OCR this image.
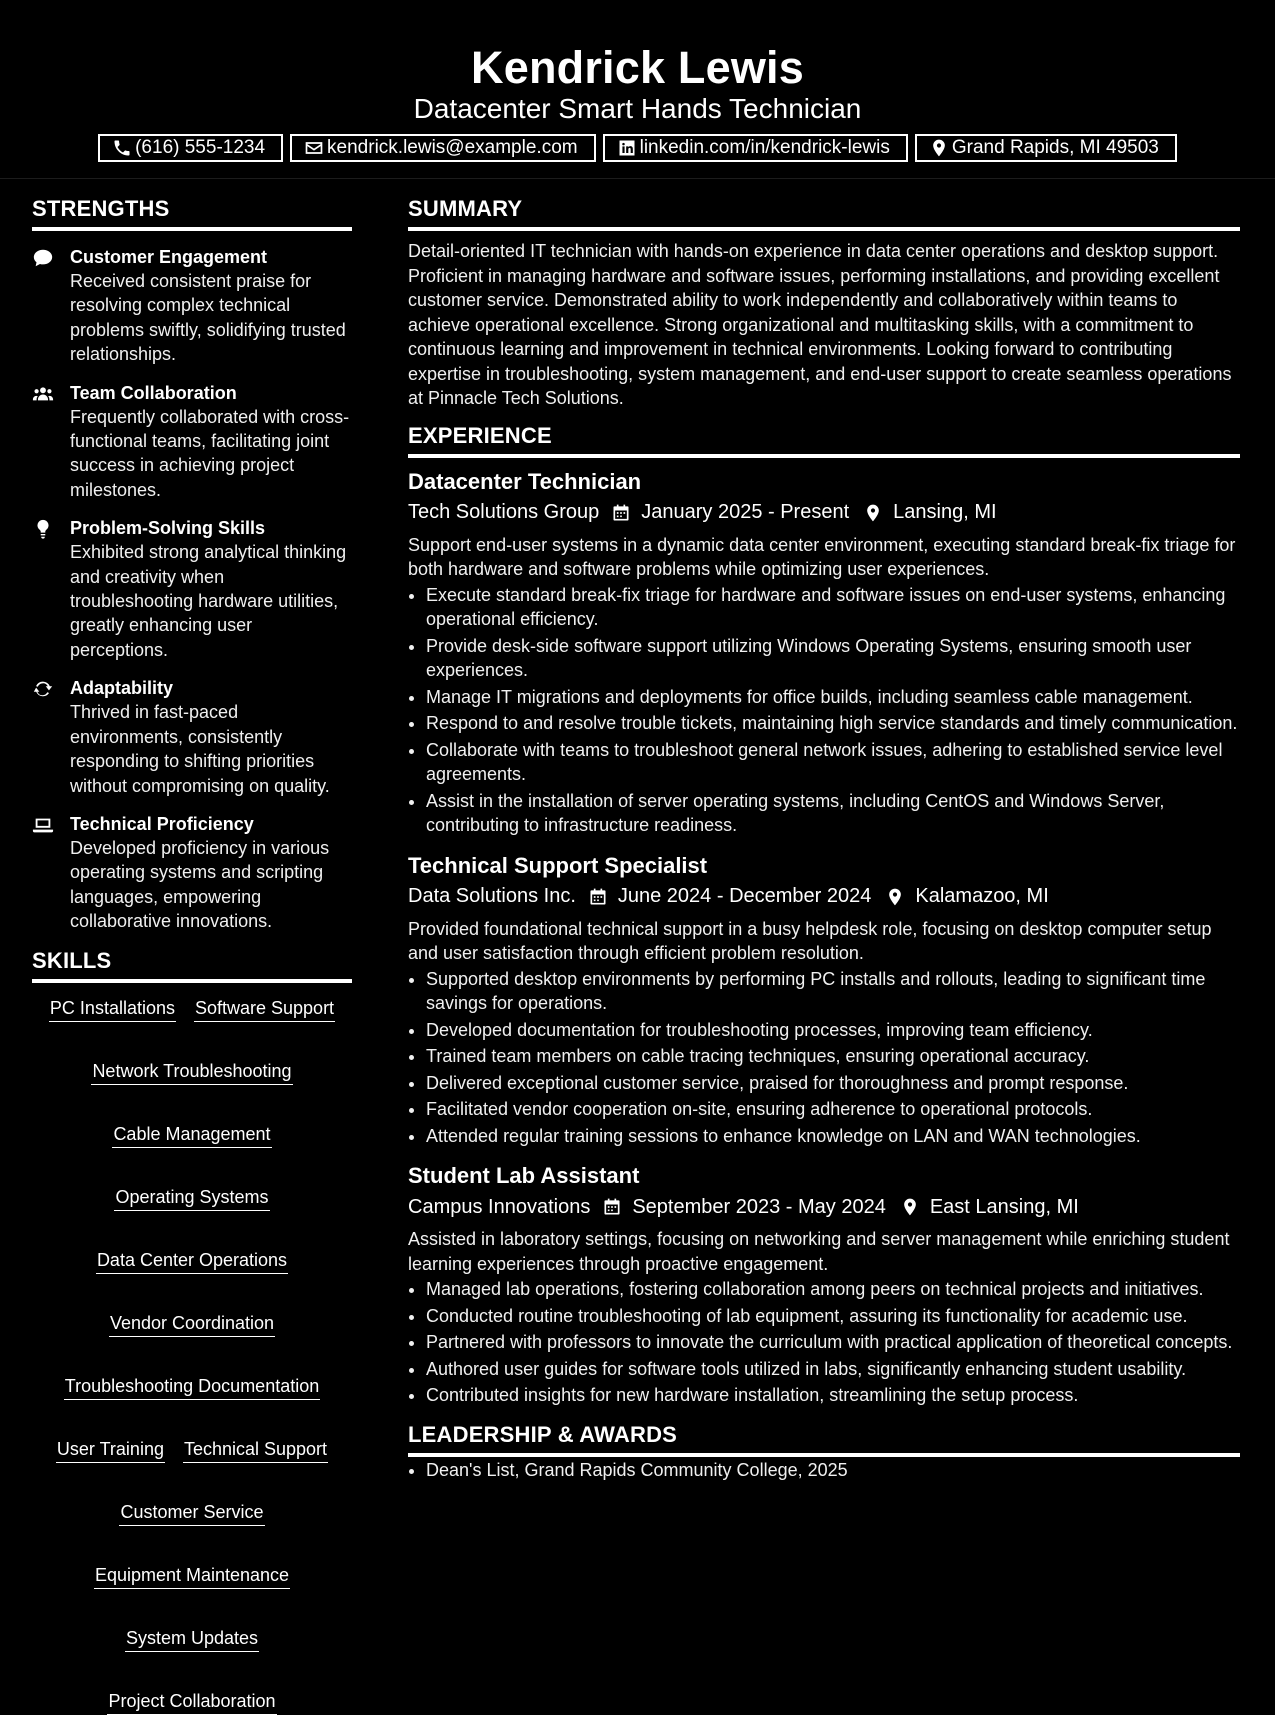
Kendrick Lewis
Datacenter Smart Hands Technician
(616) 555-1234	kendrick.lewis@example.com	linkedin.com/in/kendrick-lewis	Grand Rapids, MI 49503
STRENGTHS
Customer Engagement
Received consistent praise for resolving complex technical problems swiftly, solidifying trusted relationships.
Team Collaboration
Frequently collaborated with cross-functional teams, facilitating joint success in achieving project milestones.
Problem-Solving Skills
Exhibited strong analytical thinking and creativity when troubleshooting hardware utilities, greatly enhancing user perceptions.
Adaptability
Thrived in fast-paced environments, consistently responding to shifting priorities without compromising on quality.
Technical Proficiency
Developed proficiency in various operating systems and scripting languages, empowering collaborative innovations.
SKILLS
PC Installations Software Support
Network Troubleshooting
Cable Management
Operating Systems
Data Center Operations
Vendor Coordination
Troubleshooting Documentation
User Training Technical Support
Customer Service
Equipment Maintenance
System Updates
Project Collaboration
SUMMARY
Detail-oriented IT technician with hands-on experience in data center operations and desktop support. Proficient in managing hardware and software issues, performing installations, and providing excellent customer service. Demonstrated ability to work independently and collaboratively within teams to achieve operational excellence. Strong organizational and multitasking skills, with a commitment to continuous learning and improvement in technical environments. Looking forward to contributing expertise in troubleshooting, system management, and end-user support to create seamless operations at Pinnacle Tech Solutions.
EXPERIENCE
Datacenter Technician
Tech Solutions Group January 2025 - Present Lansing, MI
Support end-user systems in a dynamic data center environment, executing standard break-fix triage for both hardware and software problems while optimizing user experiences.
• Execute standard break-fix triage for hardware and software issues on end-user systems, enhancing operational efficiency.
• Provide desk-side software support utilizing Windows Operating Systems, ensuring smooth user experiences.
• Manage IT migrations and deployments for office builds, including seamless cable management.
• Respond to and resolve trouble tickets, maintaining high service standards and timely communication.
• Collaborate with teams to troubleshoot general network issues, adhering to established service level agreements.
• Assist in the installation of server operating systems, including CentOS and Windows Server, contributing to infrastructure readiness.
Technical Support Specialist
Data Solutions Inc. June 2024 - December 2024 Kalamazoo, MI
Provided foundational technical support in a busy helpdesk role, focusing on desktop computer setup and user satisfaction through efficient problem resolution.
• Supported desktop environments by performing PC installs and rollouts, leading to significant time savings for operations.
• Developed documentation for troubleshooting processes, improving team efficiency.
• Trained team members on cable tracing techniques, ensuring operational accuracy.
• Delivered exceptional customer service, praised for thoroughness and prompt response.
• Facilitated vendor cooperation on-site, ensuring adherence to operational protocols.
• Attended regular training sessions to enhance knowledge on LAN and WAN technologies.
Student Lab Assistant
Campus Innovations September 2023 - May 2024 East Lansing, MI
Assisted in laboratory settings, focusing on networking and server management while enriching student learning experiences through proactive engagement.
• Managed lab operations, fostering collaboration among peers on technical projects and initiatives.
• Conducted routine troubleshooting of lab equipment, assuring its functionality for academic use.
• Partnered with professors to innovate the curriculum with practical application of theoretical concepts.
• Authored user guides for software tools utilized in labs, significantly enhancing student usability.
• Contributed insights for new hardware installation, streamlining the setup process.
LEADERSHIP & AWARDS
• Dean's List, Grand Rapids Community College, 2025
